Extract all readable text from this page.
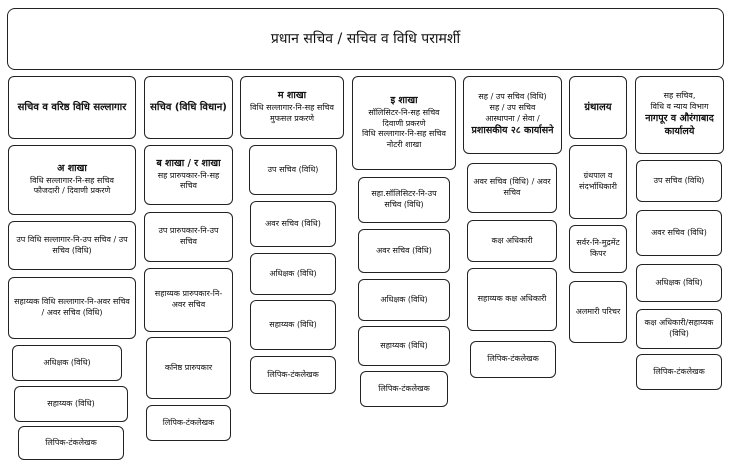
प्रधान सचिव / सचिव व विधि परामर्शी
सचिव व वरिष्ठ विधि सल्लागार
अ शाखा
विधि सल्लागार-नि-सह सचिव
फौजदारी / दिवाणी प्रकरणे
उप विधि सल्लागार-नि-उप सचिव / उप सचिव (विधि)
सहाय्यक विधि सल्लागार-नि-अवर सचिव / अवर सचिव (विधि)
अधिक्षक (विधि)
सहाय्यक (विधि)
लिपिक-टंकलेखक
सचिव (विधि विधान)
ब शाखा / र शाखा
सह प्रारुपकार-नि-सह सचिव
उप प्रारुपकार-नि-उप सचिव
सहाय्यक प्रारुपकार-नि-अवर सचिव
कनिष्ठ प्रारुपकार
लिपिक-टंकलेखक
म शाखा
विधि सल्लागार-नि-सह सचिव
मुफसल प्रकरणे
उप सचिव (विधि)
अवर सचिव (विधि)
अधिक्षक (विधि)
सहाय्यक (विधि)
लिपिक-टंकलेखक
इ शाखा
सॉलिसिटर-नि-सह सचिव
दिवाणी प्रकरणे
विधि सल्लागार-नि-सह सचिव
नोटरी शाखा
सहा.सॉलिसिटर-नि-उप सचिव (विधि)
अवर सचिव (विधि)
अधिक्षक (विधि)
सहाय्यक (विधि)
लिपिक-टंकलेखक
सह / उप सचिव (विधि)
सह / उप सचिव
आस्थापना / सेवा /
प्रशासकीय २८ कार्यासने
अवर सचिव (विधि) / अवर सचिव
कक्ष अधिकारी
सहाय्यक कक्ष अधिकारी
लिपिक-टंकलेखक
ग्रंथालय
ग्रंथपाल व संदर्भाधिकारी
सर्वर-नि-मुद्रमेंट किपर
अलमारी परिचर
सह सचिव,
विधि व न्याय विभाग
नागपूर व औरंगाबाद कार्यालये
उप सचिव (विधि)
अवर सचिव (विधि)
अधिक्षक (विधि)
कक्ष अधिकारी/सहाय्यक (विधि)
लिपिक-टंकलेखक
